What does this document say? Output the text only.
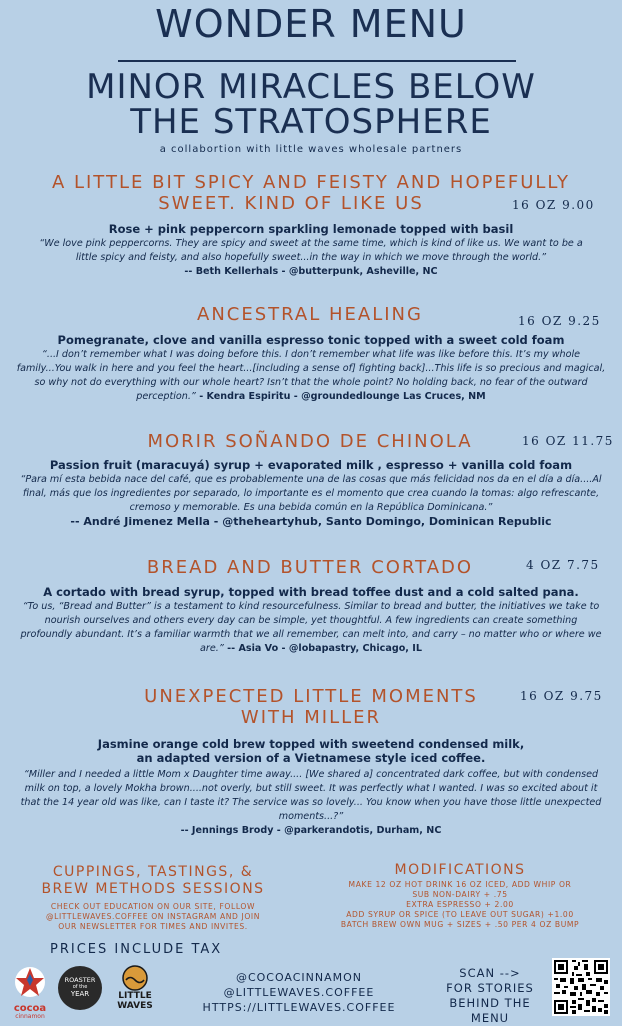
WONDER MENU
MINOR MIRACLES BELOW
THE STRATOSPHERE
a collabortion with little waves wholesale partners
A LITTLE BIT SPICY AND FEISTY AND HOPEFULLY
SWEET. KIND OF LIKE US	16 OZ 9.00
Rose + pink peppercorn sparkling lemonade topped with basil
“We love pink peppercorns. They are spicy and sweet at the same time, which is kind of like us. We want to be a little spicy and feisty, and also hopefully sweet...in the way in which we move through the world.”
-- Beth Kellerhals - @butterpunk, Asheville, NC
ANCESTRAL HEALING	16 OZ 9.25
Pomegranate, clove and vanilla espresso tonic topped with a sweet cold foam
“...I don’t remember what I was doing before this. I don’t remember what life was like before this. It’s my whole family...You walk in here and you feel the heart...[including a sense of] fighting back]...This life is so precious and magical, so why not do everything with our whole heart? Isn’t that the whole point? No holding back, no fear of the outward perception.” - Kendra Espiritu - @groundedlounge Las Cruces, NM
MORIR SOÑANDO DE CHINOLA	16 OZ 11.75
Passion fruit (maracuyá) syrup + evaporated milk , espresso + vanilla cold foam
“Para mí esta bebida nace del café, que es probablemente una de las cosas que más felicidad nos da en el día a día....Al final, más que los ingredientes por separado, lo importante es el momento que crea cuando la tomas: algo refrescante, cremoso y memorable. Es una bebida común en la República Dominicana.”
-- André Jimenez Mella - @theheartyhub, Santo Domingo, Dominican Republic
BREAD AND BUTTER CORTADO	4 OZ 7.75
A cortado with bread syrup, topped with bread toffee dust and a cold salted pana.
“To us, “Bread and Butter” is a testament to kind resourcefulness. Similar to bread and butter, the initiatives we take to nourish ourselves and others every day can be simple, yet thoughtful. A few ingredients can create something profoundly abundant. It’s a familiar warmth that we all remember, can melt into, and carry – no matter who or where we are.” -- Asia Vo - @lobapastry, Chicago, IL
UNEXPECTED LITTLE MOMENTS
WITH MILLER
16 OZ 9.75
Jasmine orange cold brew topped with sweetend condensed milk,
an adapted version of a Vietnamese style iced coffee.
“Miller and I needed a little Mom x Daughter time away.... [We shared a] concentrated dark coffee, but with condensed milk on top, a lovely Mokha brown....not overly, but still sweet. It was perfectly what I wanted. I was so excited about it that the 14 year old was like, can I taste it? The service was so lovely... You know when you have those little unexpected moments...?”
-- Jennings Brody - @parkerandotis, Durham, NC
CUPPINGS, TASTINGS, &
BREW METHODS SESSIONS
CHECK OUT EDUCATION ON OUR SITE, FOLLOW
@LITTLEWAVES.COFFEE ON INSTAGRAM AND JOIN
OUR NEWSLETTER FOR TIMES AND INVITES.
MODIFICATIONS
MAKE 12 OZ HOT DRINK 16 OZ ICED, ADD WHIP OR
SUB NON-DAIRY + .75
EXTRA ESPRESSO + 2.00
ADD SYRUP OR SPICE (TO LEAVE OUT SUGAR) +1.00
BATCH BREW OWN MUG + SIZES + .50 PER 4 OZ BUMP
PRICES INCLUDE TAX
cocoa
cinnamon
ROASTER
of the
YEAR	LITTLE
WAVES
@COCOACINNAMON
@LITTLEWAVES.COFFEE
HTTPS://LITTLEWAVES.COFFEE
SCAN -->
FOR STORIES
BEHIND THE MENU
